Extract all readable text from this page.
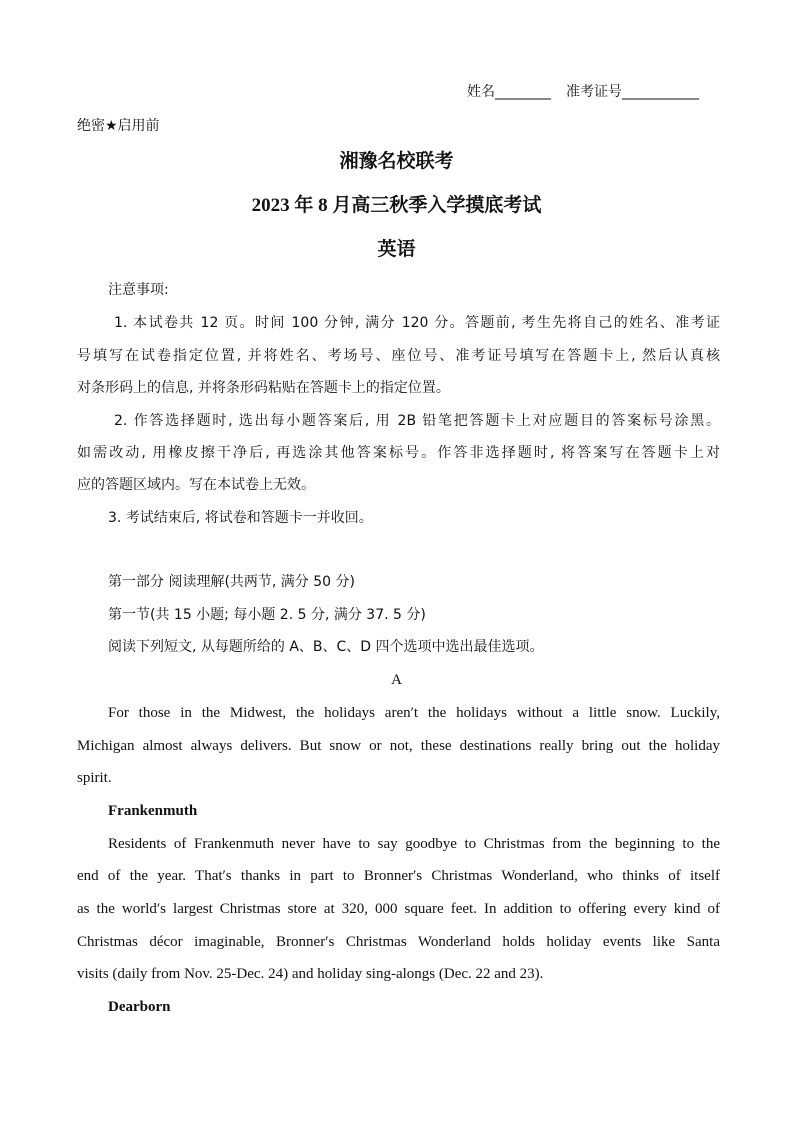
姓名________ 准考证号___________
绝密★启用前
湘豫名校联考
2023 年 8 月高三秋季入学摸底考试
英语
注意事项:
1. 本试卷共 12 页。时间 100 分钟, 满分 120 分。答题前, 考生先将自己的姓名、准考证
号填写在试卷指定位置, 并将姓名、考场号、座位号、准考证号填写在答题卡上, 然后认真核
对条形码上的信息, 并将条形码粘贴在答题卡上的指定位置。
2. 作答选择题时, 选出每小题答案后, 用 2B 铅笔把答题卡上对应题目的答案标号涂黑。
如需改动, 用橡皮擦干净后, 再选涂其他答案标号。作答非选择题时, 将答案写在答题卡上对
应的答题区域内。写在本试卷上无效。
3. 考试结束后, 将试卷和答题卡一并收回。
第一部分 阅读理解(共两节, 满分 50 分)
第一节(共 15 小题; 每小题 2. 5 分, 满分 37. 5 分)
阅读下列短文, 从每题所给的 A、B、C、D 四个选项中选出最佳选项。
A
For those in the Midwest, the holidays aren′t the holidays without a little snow. Luckily,
Michigan almost always delivers. But snow or not, these destinations really bring out the holiday
spirit.
Frankenmuth
Residents of Frankenmuth never have to say goodbye to Christmas from the beginning to the
end of the year. That′s thanks in part to Bronner′s Christmas Wonderland, who thinks of itself
as the world′s largest Christmas store at 320, 000 square feet. In addition to offering every kind of
Christmas décor imaginable, Bronner′s Christmas Wonderland holds holiday events like Santa
visits (daily from Nov. 25-Dec. 24) and holiday sing-alongs (Dec. 22 and 23).
Dearborn
